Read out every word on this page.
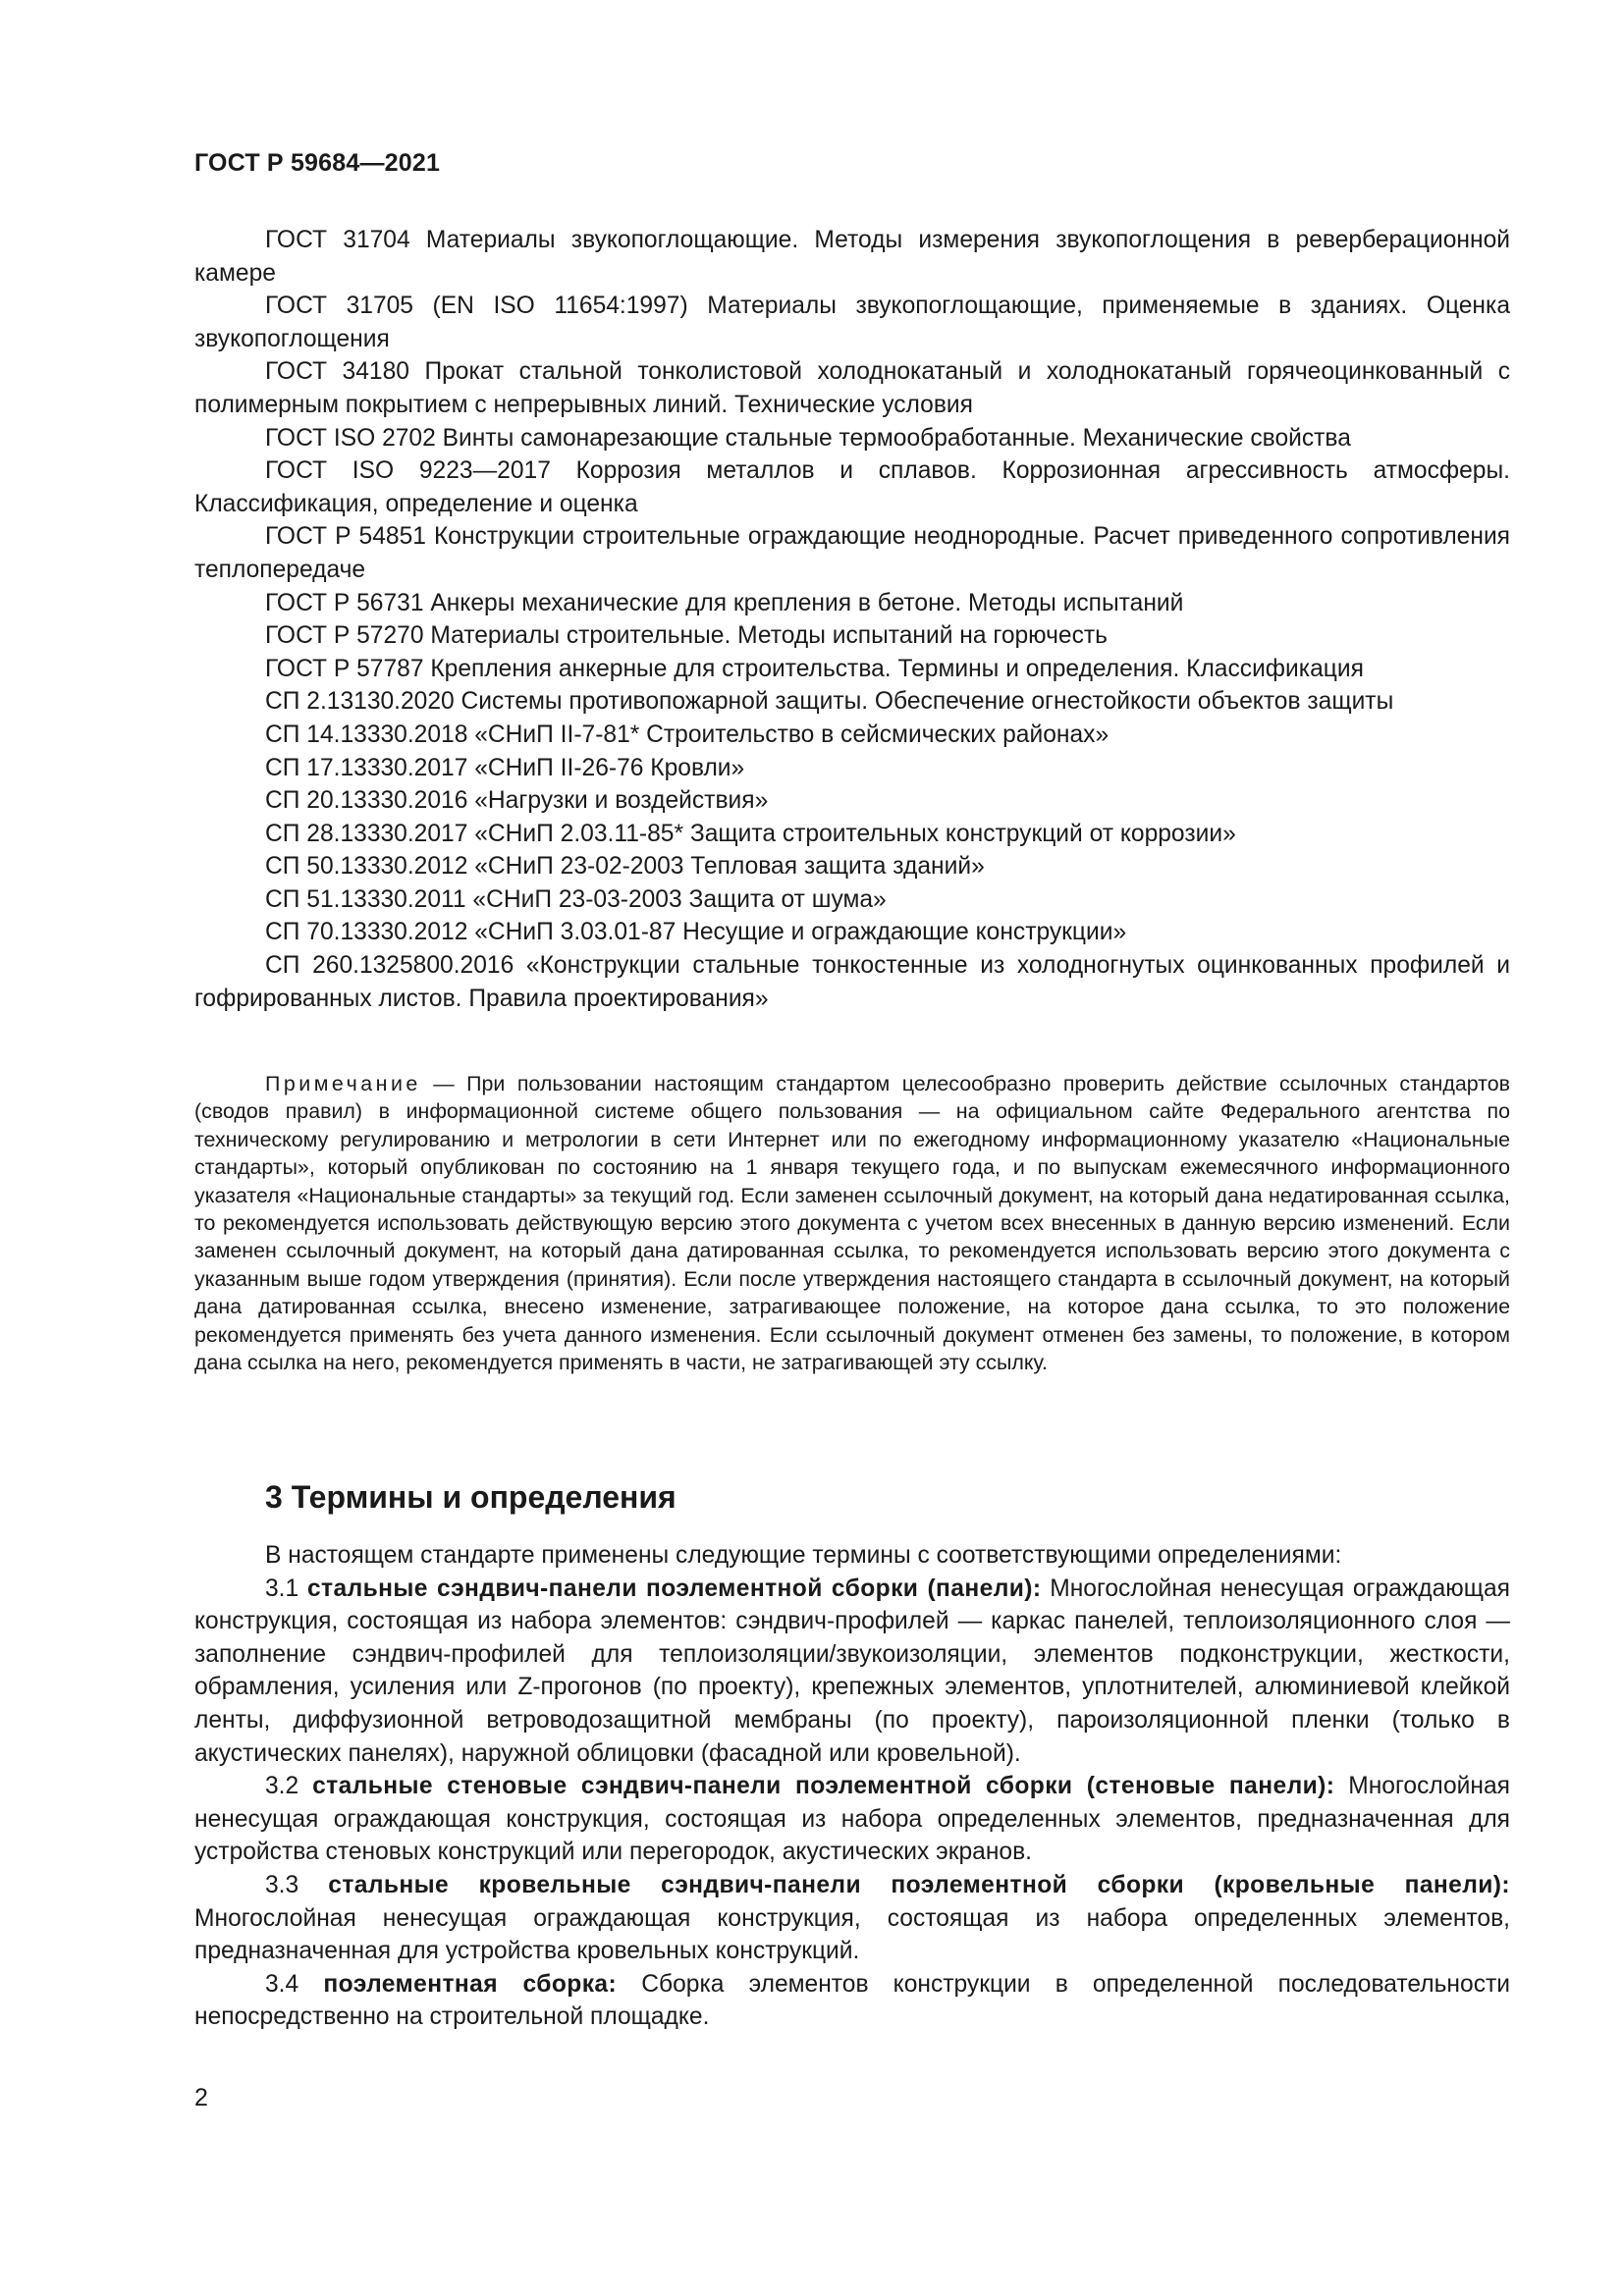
ГОСТ Р 59684—2021

ГОСТ 31704 Материалы звукопоглощающие. Методы измерения звукопоглощения в реверберационной камере

ГОСТ 31705 (EN ISO 11654:1997) Материалы звукопоглощающие, применяемые в зданиях. Оценка звукопоглощения

ГОСТ 34180 Прокат стальной тонколистовой холоднокатаный и холоднокатаный горячеоцинкованный с полимерным покрытием с непрерывных линий. Технические условия

ГОСТ ISO 2702 Винты самонарезающие стальные термообработанные. Механические свойства

ГОСТ ISO 9223—2017 Коррозия металлов и сплавов. Коррозионная агрессивность атмосферы. Классификация, определение и оценка

ГОСТ Р 54851 Конструкции строительные ограждающие неоднородные. Расчет приведенного сопротивления теплопередаче

ГОСТ Р 56731 Анкеры механические для крепления в бетоне. Методы испытаний

ГОСТ Р 57270 Материалы строительные. Методы испытаний на горючесть

ГОСТ Р 57787 Крепления анкерные для строительства. Термины и определения. Классификация

СП 2.13130.2020 Системы противопожарной защиты. Обеспечение огнестойкости объектов защиты

СП 14.13330.2018 «СНиП II-7-81* Строительство в сейсмических районах»

СП 17.13330.2017 «СНиП II-26-76 Кровли»

СП 20.13330.2016 «Нагрузки и воздействия»

СП 28.13330.2017 «СНиП 2.03.11-85* Защита строительных конструкций от коррозии»

СП 50.13330.2012 «СНиП 23-02-2003 Тепловая защита зданий»

СП 51.13330.2011 «СНиП 23-03-2003 Защита от шума»

СП 70.13330.2012 «СНиП 3.03.01-87 Несущие и ограждающие конструкции»

СП 260.1325800.2016 «Конструкции стальные тонкостенные из холодногнутых оцинкованных профилей и гофрированных листов. Правила проектирования»

Примечание — При пользовании настоящим стандартом целесообразно проверить действие ссылочных стандартов (сводов правил) в информационной системе общего пользования — на официальном сайте Федерального агентства по техническому регулированию и метрологии в сети Интернет или по ежегодному информационному указателю «Национальные стандарты», который опубликован по состоянию на 1 января текущего года, и по выпускам ежемесячного информационного указателя «Национальные стандарты» за текущий год. Если заменен ссылочный документ, на который дана недатированная ссылка, то рекомендуется использовать действующую версию этого документа с учетом всех внесенных в данную версию изменений. Если заменен ссылочный документ, на который дана датированная ссылка, то рекомендуется использовать версию этого документа с указанным выше годом утверждения (принятия). Если после утверждения настоящего стандарта в ссылочный документ, на который дана датированная ссылка, внесено изменение, затрагивающее положение, на которое дана ссылка, то это положение рекомендуется применять без учета данного изменения. Если ссылочный документ отменен без замены, то положение, в котором дана ссылка на него, рекомендуется применять в части, не затрагивающей эту ссылку.

3 Термины и определения

В настоящем стандарте применены следующие термины с соответствующими определениями:

3.1 стальные сэндвич-панели поэлементной сборки (панели): Многослойная ненесущая ограждающая конструкция, состоящая из набора элементов: сэндвич-профилей — каркас панелей, теплоизоляционного слоя — заполнение сэндвич-профилей для теплоизоляции/звукоизоляции, элементов подконструкции, жесткости, обрамления, усиления или Z-прогонов (по проекту), крепежных элементов, уплотнителей, алюминиевой клейкой ленты, диффузионной ветроводозащитной мембраны (по проекту), пароизоляционной пленки (только в акустических панелях), наружной облицовки (фасадной или кровельной).

3.2 стальные стеновые сэндвич-панели поэлементной сборки (стеновые панели): Многослойная ненесущая ограждающая конструкция, состоящая из набора определенных элементов, предназначенная для устройства стеновых конструкций или перегородок, акустических экранов.

3.3 стальные кровельные сэндвич-панели поэлементной сборки (кровельные панели): Многослойная ненесущая ограждающая конструкция, состоящая из набора определенных элементов, предназначенная для устройства кровельных конструкций.

3.4 поэлементная сборка: Сборка элементов конструкции в определенной последовательности непосредственно на строительной площадке.

2
